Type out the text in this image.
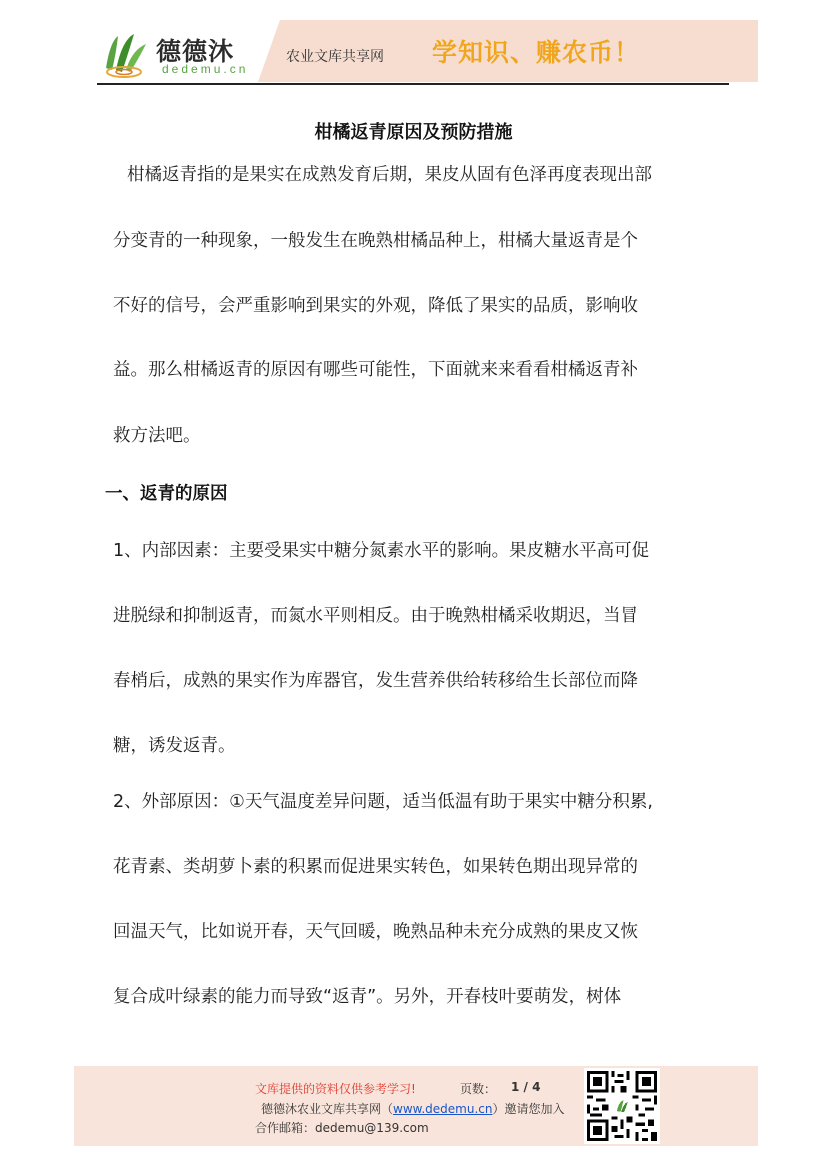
德德沐
dedemu.cn
农业文库共享网 学知识、赚农币！
柑橘返青原因及预防措施
柑橘返青指的是果实在成熟发育后期，果皮从固有色泽再度表现出部
分变青的一种现象，一般发生在晚熟柑橘品种上，柑橘大量返青是个
不好的信号，会严重影响到果实的外观，降低了果实的品质，影响收
益。那么柑橘返青的原因有哪些可能性，下面就来来看看柑橘返青补
救方法吧。
一、返青的原因
1、内部因素：主要受果实中糖分氮素水平的影响。果皮糖水平高可促
进脱绿和抑制返青，而氮水平则相反。由于晚熟柑橘采收期迟，当冒
春梢后，成熟的果实作为库器官，发生营养供给转移给生长部位而降
糖，诱发返青。
2、外部原因：①天气温度差异问题，适当低温有助于果实中糖分积累,
花青素、类胡萝卜素的积累而促进果实转色，如果转色期出现异常的
回温天气，比如说开春，天气回暖，晚熟品种未充分成熟的果皮又恢
复合成叶绿素的能力而导致“返青”。另外，开春枝叶要萌发，树体
文库提供的资料仅供参考学习!	页数： 1 / 4
德德沐农业文库共享网（www.dedemu.cn）邀请您加入
合作邮箱：dedemu@139.com
